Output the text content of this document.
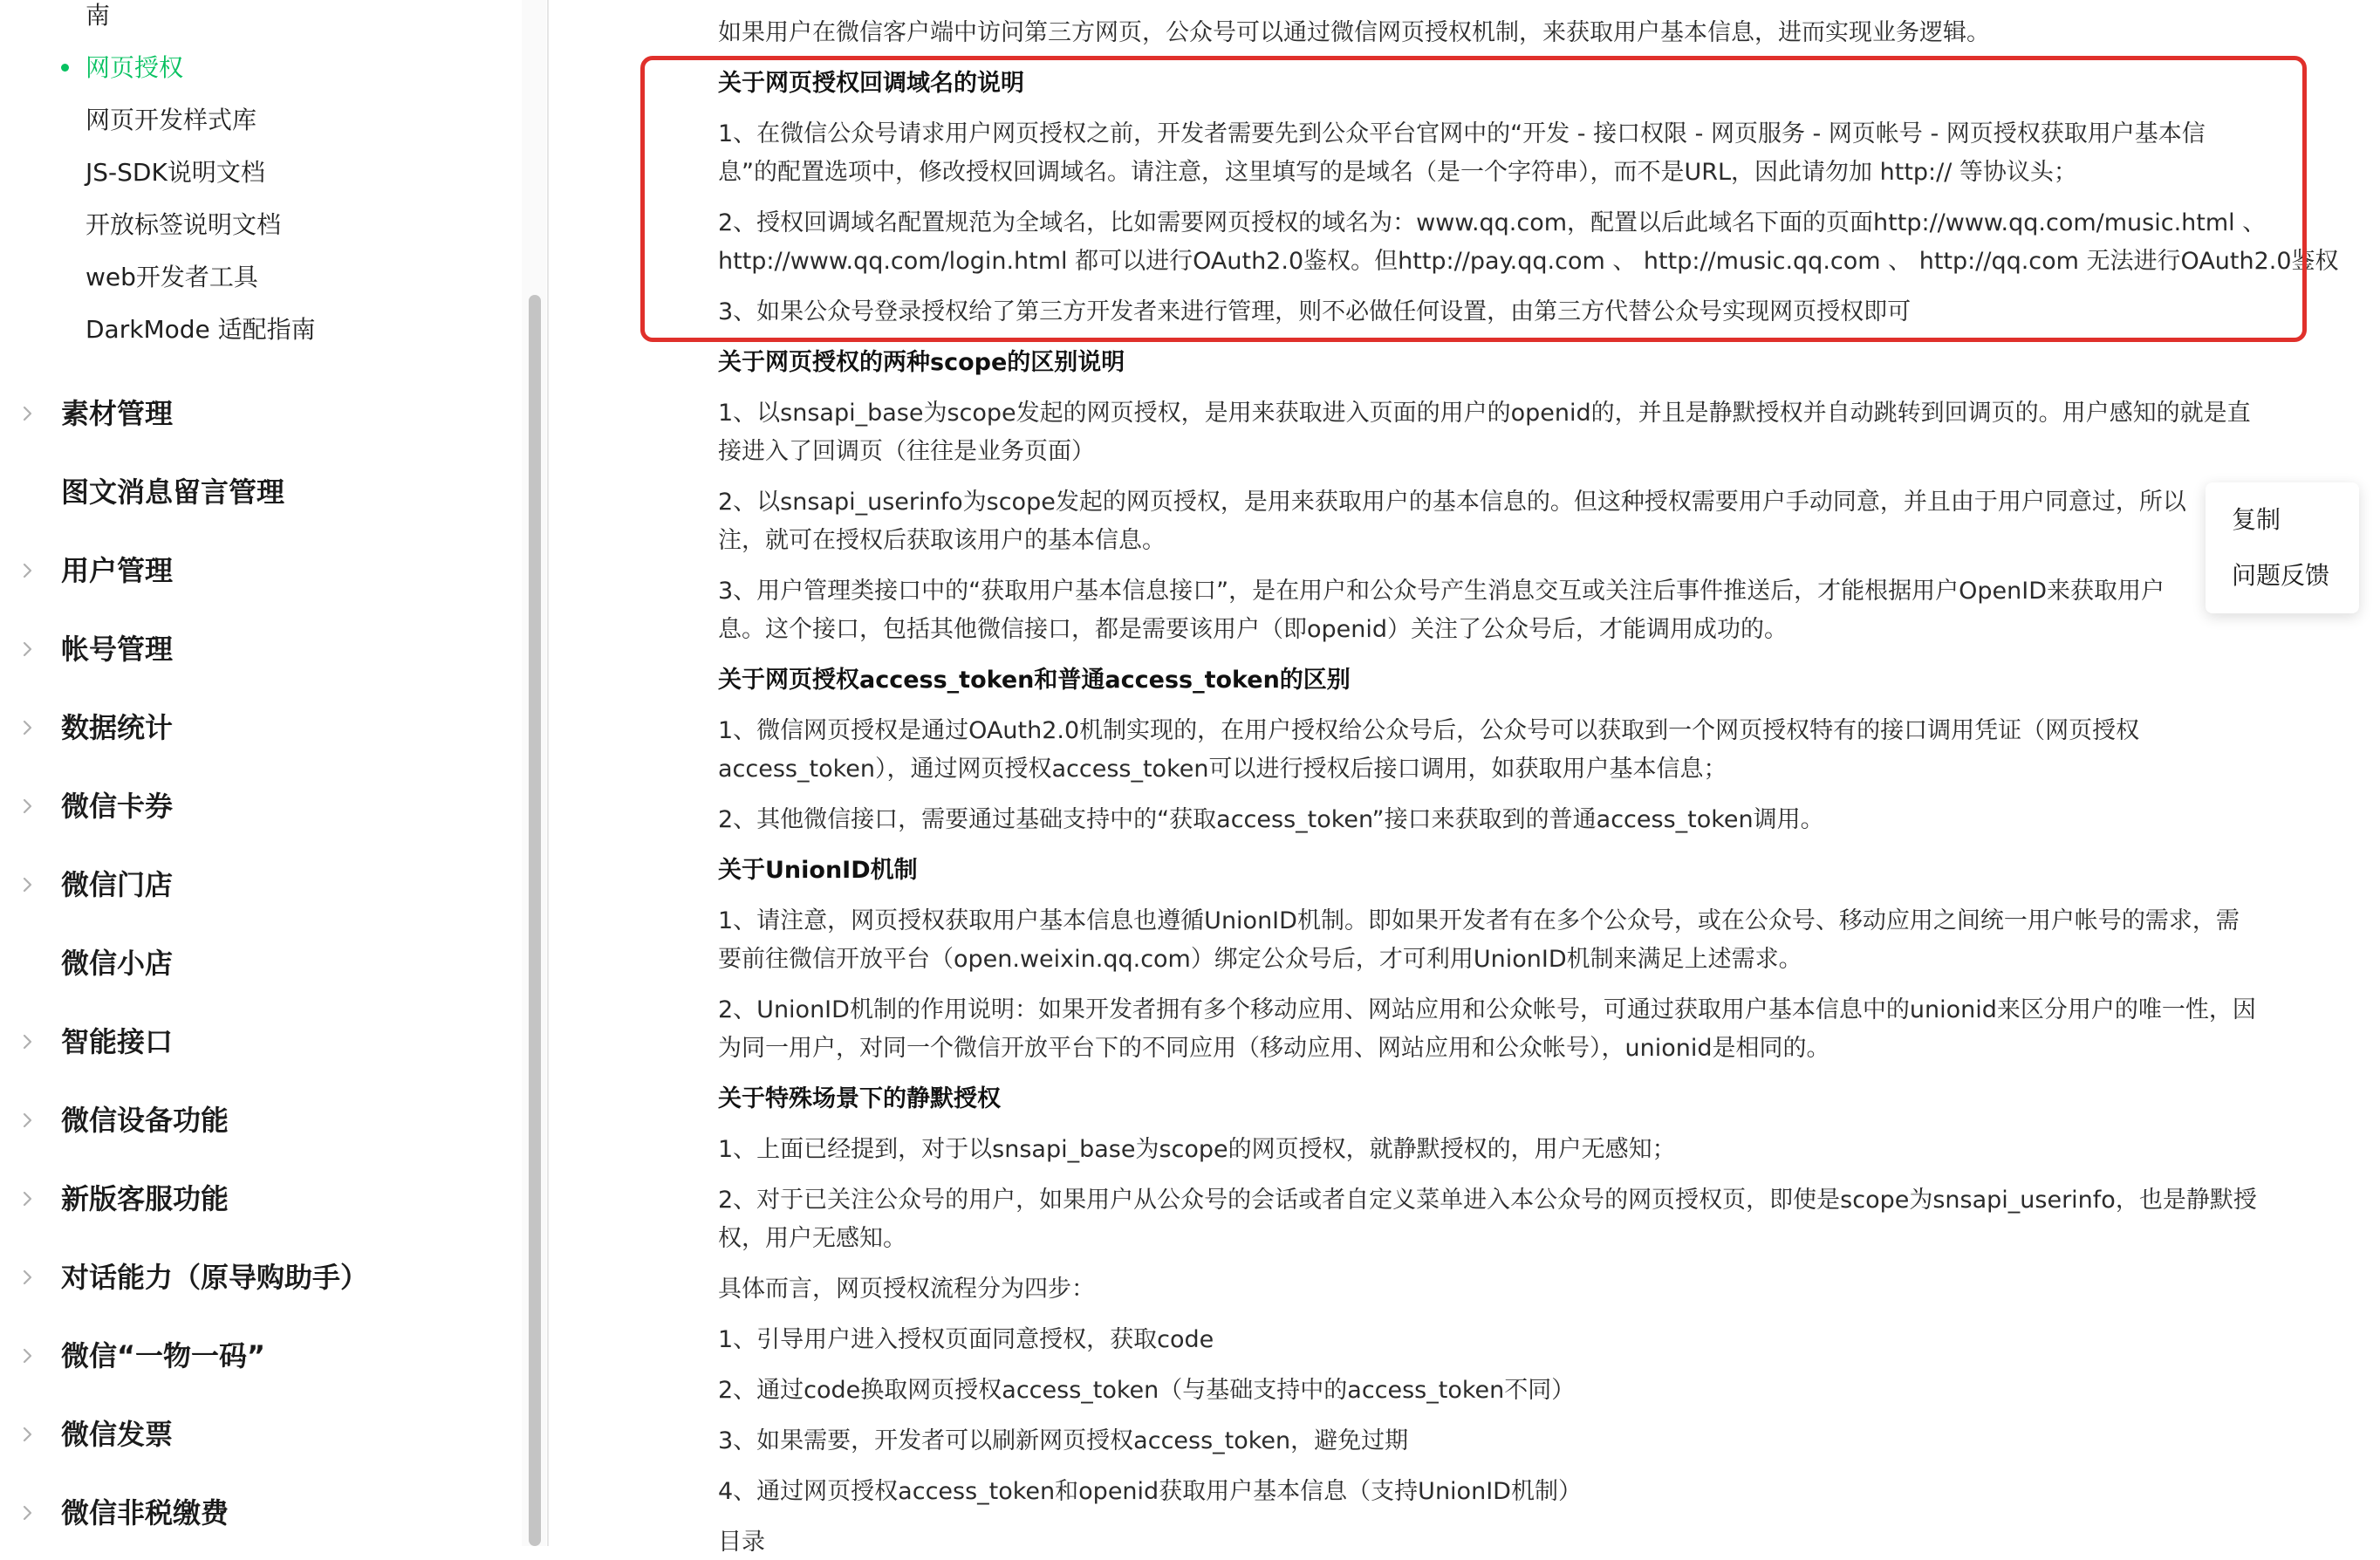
南
网页授权
网页开发样式库
JS-SDK说明文档
开放标签说明文档
web开发者工具
DarkMode 适配指南
素材管理
图文消息留言管理
用户管理
帐号管理
数据统计
微信卡券
微信门店
微信小店
智能接口
微信设备功能
新版客服功能
对话能力（原导购助手）
微信“一物一码”
微信发票
微信非税缴费
如果用户在微信客户端中访问第三方网页，公众号可以通过微信网页授权机制，来获取用户基本信息，进而实现业务逻辑。
关于网页授权回调域名的说明
1、在微信公众号请求用户网页授权之前，开发者需要先到公众平台官网中的“开发 - 接口权限 - 网页服务 - 网页帐号 - 网页授权获取用户基本信
息”的配置选项中，修改授权回调域名。请注意，这里填写的是域名（是一个字符串），而不是URL，因此请勿加 http:// 等协议头；
2、授权回调域名配置规范为全域名，比如需要网页授权的域名为：www.qq.com，配置以后此域名下面的页面http://www.qq.com/music.html 、
http://www.qq.com/login.html 都可以进行OAuth2.0鉴权。但http://pay.qq.com 、 http://music.qq.com 、 http://qq.com 无法进行OAuth2.0鉴权
3、如果公众号登录授权给了第三方开发者来进行管理，则不必做任何设置，由第三方代替公众号实现网页授权即可
关于网页授权的两种scope的区别说明
1、以snsapi_base为scope发起的网页授权，是用来获取进入页面的用户的openid的，并且是静默授权并自动跳转到回调页的。用户感知的就是直
接进入了回调页（往往是业务页面）
2、以snsapi_userinfo为scope发起的网页授权，是用来获取用户的基本信息的。但这种授权需要用户手动同意，并且由于用户同意过，所以
注，就可在授权后获取该用户的基本信息。
3、用户管理类接口中的“获取用户基本信息接口”，是在用户和公众号产生消息交互或关注后事件推送后，才能根据用户OpenID来获取用户
息。这个接口，包括其他微信接口，都是需要该用户（即openid）关注了公众号后，才能调用成功的。
关于网页授权access_token和普通access_token的区别
1、微信网页授权是通过OAuth2.0机制实现的，在用户授权给公众号后，公众号可以获取到一个网页授权特有的接口调用凭证（网页授权
access_token），通过网页授权access_token可以进行授权后接口调用，如获取用户基本信息；
2、其他微信接口，需要通过基础支持中的“获取access_token”接口来获取到的普通access_token调用。
关于UnionID机制
1、请注意，网页授权获取用户基本信息也遵循UnionID机制。即如果开发者有在多个公众号，或在公众号、移动应用之间统一用户帐号的需求，需
要前往微信开放平台（open.weixin.qq.com）绑定公众号后，才可利用UnionID机制来满足上述需求。
2、UnionID机制的作用说明：如果开发者拥有多个移动应用、网站应用和公众帐号，可通过获取用户基本信息中的unionid来区分用户的唯一性，因
为同一用户，对同一个微信开放平台下的不同应用（移动应用、网站应用和公众帐号），unionid是相同的。
关于特殊场景下的静默授权
1、上面已经提到，对于以snsapi_base为scope的网页授权，就静默授权的，用户无感知；
2、对于已关注公众号的用户，如果用户从公众号的会话或者自定义菜单进入本公众号的网页授权页，即使是scope为snsapi_userinfo，也是静默授
权，用户无感知。
具体而言，网页授权流程分为四步：
1、引导用户进入授权页面同意授权，获取code
2、通过code换取网页授权access_token（与基础支持中的access_token不同）
3、如果需要，开发者可以刷新网页授权access_token，避免过期
4、通过网页授权access_token和openid获取用户基本信息（支持UnionID机制）
目录
复制
问题反馈
